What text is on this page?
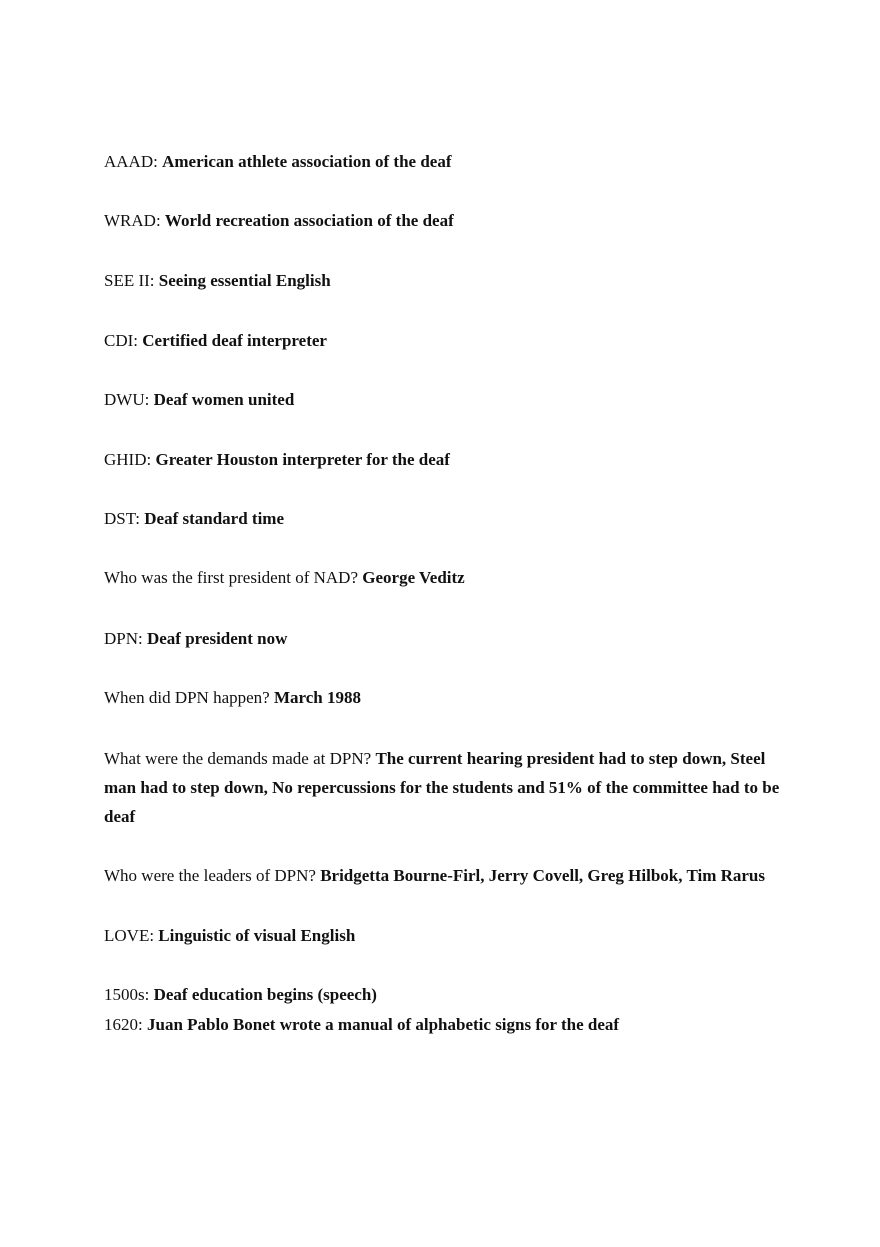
AAAD: American athlete association of the deaf

WRAD: World recreation association of the deaf

SEE II: Seeing essential English

CDI: Certified deaf interpreter

DWU: Deaf women united

GHID: Greater Houston interpreter for the deaf

DST: Deaf standard time

Who was the first president of NAD? George Veditz

DPN: Deaf president now

When did DPN happen? March 1988

What were the demands made at DPN? The current hearing president had to step down, Steel man had to step down, No repercussions for the students and 51% of the committee had to be deaf

Who were the leaders of DPN? Bridgetta Bourne-Firl, Jerry Covell, Greg Hilbok, Tim Rarus

LOVE: Linguistic of visual English

1500s: Deaf education begins (speech)

1620: Juan Pablo Bonet wrote a manual of alphabetic signs for the deaf
